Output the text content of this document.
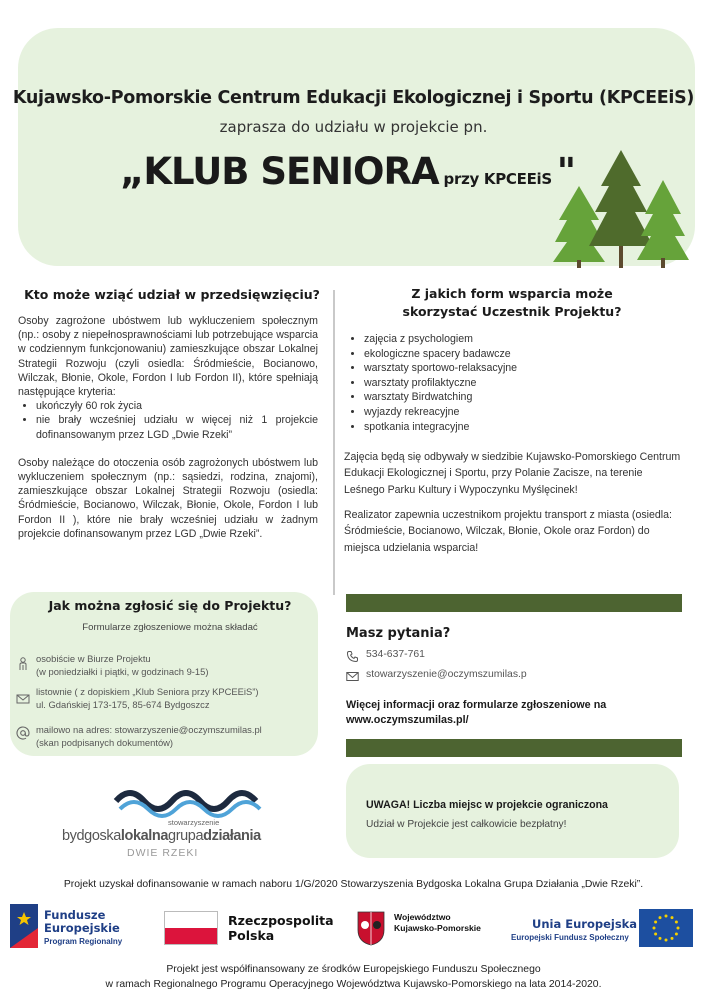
Kujawsko-Pomorskie Centrum Edukacji Ekologicznej i Sportu (KPCEEiS)
zaprasza do udziału w projekcie pn.
„KLUB SENIORA przy KPCEEiS "
Kto może wziąć udział w przedsięwzięciu?

Osoby zagrożone ubóstwem lub wykluczeniem społecznym (np.: osoby z niepełnosprawnościami lub potrzebujące wsparcia w codziennym funkcjonowaniu) zamieszkujące obszar Lokalnej Strategii Rozwoju (czyli osiedla: Śródmieście, Bocianowo, Wilczak, Błonie, Okole, Fordon I lub Fordon II), które spełniają następujące kryteria:

• ukończyły 60 rok życia
• nie brały wcześniej udziału w więcej niż 1 projekcie dofinansowanym przez LGD „Dwie Rzeki”

Osoby należące do otoczenia osób zagrożonych ubóstwem lub wykluczeniem społecznym (np.: sąsiedzi, rodzina, znajomi), zamieszkujące obszar Lokalnej Strategii Rozwoju (osiedla: Śródmieście, Bocianowo, Wilczak, Błonie, Okole, Fordon I lub Fordon II ), które nie brały wcześniej udziału w żadnym projekcie dofinansowanym przez LGD „Dwie Rzeki”.

Z jakich form wsparcia może
skorzystać Uczestnik Projektu?
• zajęcia z psychologiem
• ekologiczne spacery badawcze
• warsztaty sportowo-relaksacyjne
• warsztaty profilaktyczne
• warsztaty Birdwatching
• wyjazdy rekreacyjne
• spotkania integracyjne
Zajęcia będą się odbywały w siedzibie Kujawsko-Pomorskiego Centrum Edukacji Ekologicznej i Sportu, przy Polanie Zacisze, na terenie Leśnego Parku Kultury i Wypoczynku Myślęcinek!
Realizator zapewnia uczestnikom projektu transport z miasta (osiedla: Śródmieście, Bocianowo, Wilczak, Błonie, Okole oraz Fordon) do miejsca udzielania wsparcia!
Jak można zgłosić się do Projektu?
Formularze zgłoszeniowe można składać
osobiście w Biurze Projektu
(w poniedziałki i piątki, w godzinach 9-15)
listownie ( z dopiskiem „Klub Seniora przy KPCEEiS”)
ul. Gdańskiej 173-175, 85-674 Bydgoszcz
mailowo na adres: stowarzyszenie@oczymszumilas.pl
(skan podpisanych dokumentów)
Masz pytania?
534-637-761
stowarzyszenie@oczymszumilas.p
Więcej informacji oraz formularze zgłoszeniowe na
www.oczymszumilas.pl/
UWAGA! Liczba miejsc w projekcie ograniczona
Udział w Projekcie jest całkowicie bezpłatny!
stowarzyszenie
bydgoskalokalnagrupadziałania
DWIE RZEKI
Projekt uzyskał dofinansowanie w ramach naboru 1/G/2020 Stowarzyszenia Bydgoska Lokalna Grupa Działania „Dwie Rzeki”.
Fundusze
Europejskie
Program Regionalny
Rzeczpospolita
Polska
Województwo
Kujawsko-Pomorskie	Unia Europejska
Europejski Fundusz Społeczny
Projekt jest współfinansowany ze środków Europejskiego Funduszu Społecznego
w ramach Regionalnego Programu Operacyjnego Województwa Kujawsko-Pomorskiego na lata 2014-2020.
